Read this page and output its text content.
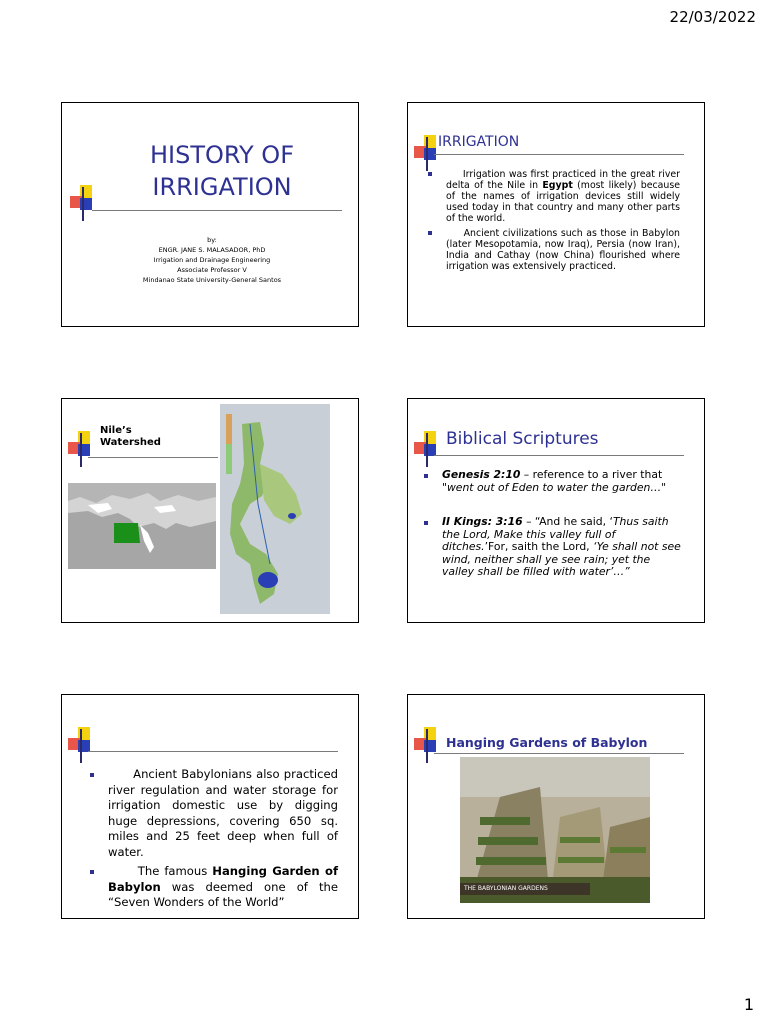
22/03/2022
HISTORY OF
IRRIGATION
by:
ENGR. JANE S. MALASADOR, PhD
Irrigation and Drainage Engineering
Associate Professor V
Mindanao State University-General Santos
IRRIGATION
Irrigation was first practiced in the great river delta of the Nile in Egypt (most likely) because of the names of irrigation devices still widely used today in that country and many other parts of the world.
Ancient civilizations such as those in Babylon (later Mesopotamia, now Iraq), Persia (now Iran), India and Cathay (now China) flourished where irrigation was extensively practiced.
Nile’s
Watershed	Biblical Scriptures
Genesis 2:10 – reference to a river that "went out of Eden to water the garden…"
II Kings: 3:16 – “And he said, ‘Thus saith the Lord, Make this valley full of ditches.’For, saith the Lord, ‘Ye shall not see wind, neither shall ye see rain; yet the valley shall be filled with water’…”
Ancient Babylonians also practiced river regulation and water storage for irrigation domestic use by digging huge depressions, covering 650 sq. miles and 25 feet deep when full of water.
The famous Hanging Garden of Babylon was deemed one of the “Seven Wonders of the World”
Hanging Gardens of Babylon
THE BABYLONIAN GARDENS
1
